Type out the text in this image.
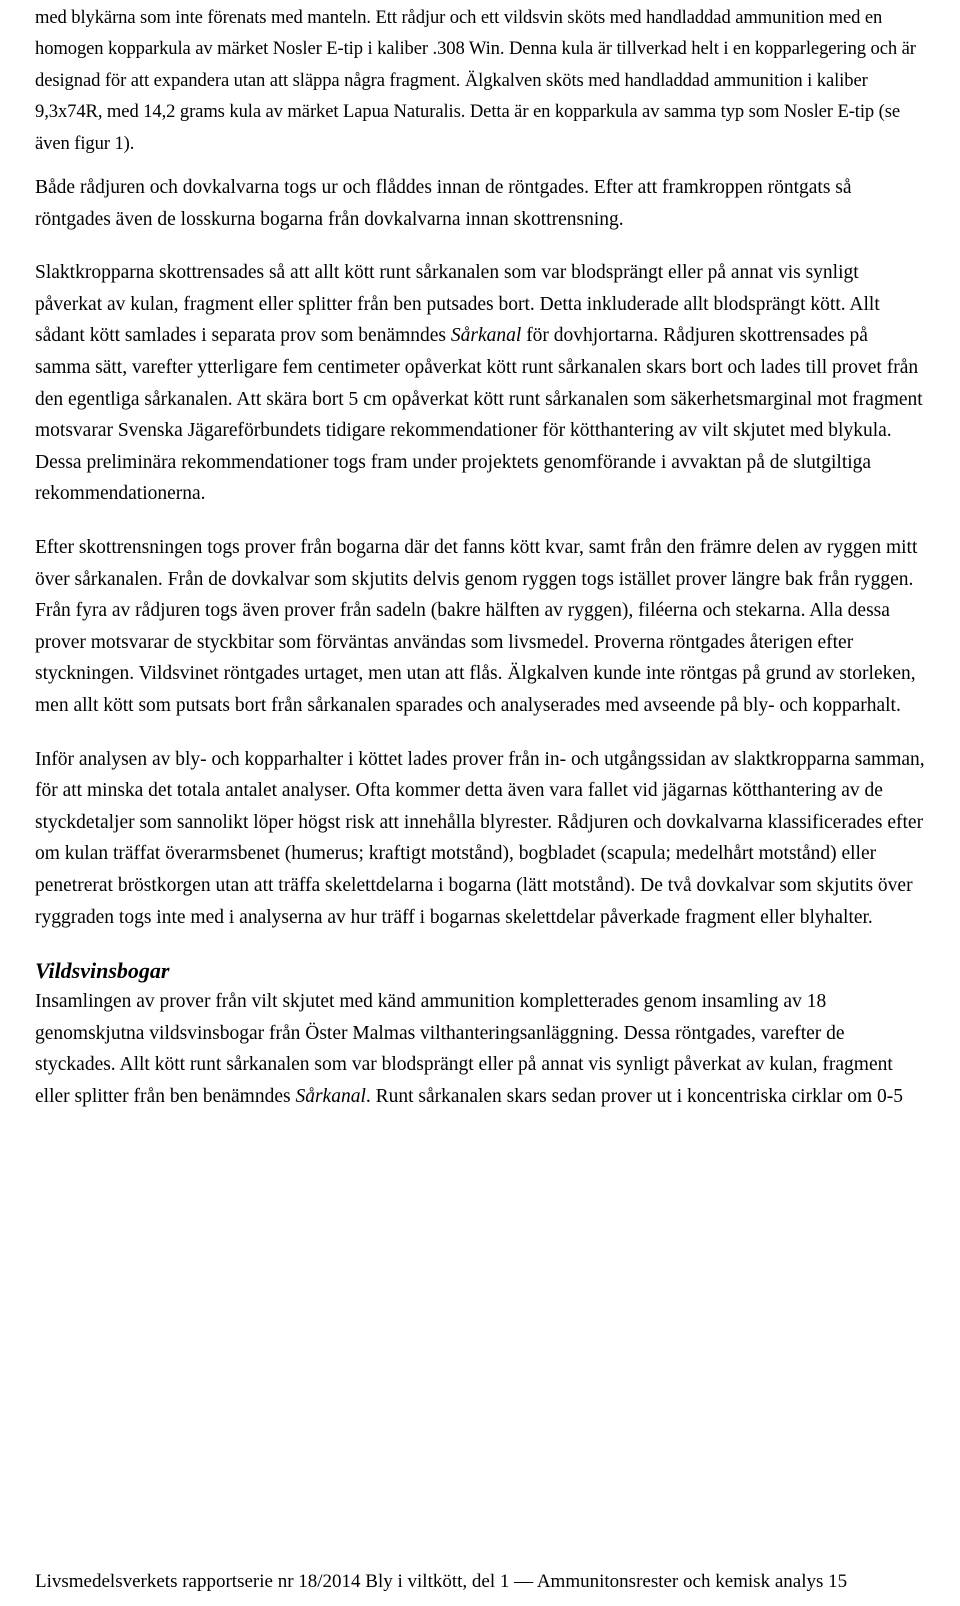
med blykärna som inte förenats med manteln. Ett rådjur och ett vildsvin sköts med handladdad ammunition med en homogen kopparkula av märket Nosler E-tip i kaliber .308 Win. Denna kula är tillverkad helt i en kopparlegering och är designad för att expandera utan att släppa några fragment. Älgkalven sköts med handladdad ammunition i kaliber 9,3x74R, med 14,2 grams kula av märket Lapua Naturalis. Detta är en kopparkula av samma typ som Nosler E-tip (se även figur 1).

Både rådjuren och dovkalvarna togs ur och flåddes innan de röntgades. Efter att framkroppen röntgats så röntgades även de losskurna bogarna från dovkalvarna innan skottrensning.

Slaktkropparna skottrensades så att allt kött runt sårkanalen som var blodsprängt eller på annat vis synligt påverkat av kulan, fragment eller splitter från ben putsades bort. Detta inkluderade allt blodsprängt kött. Allt sådant kött samlades i separata prov som benämndes Sårkanal för dovhjortarna. Rådjuren skottrensades på samma sätt, varefter ytterligare fem centimeter opåverkat kött runt sårkanalen skars bort och lades till provet från den egentliga sårkanalen. Att skära bort 5 cm opåverkat kött runt sårkanalen som säkerhetsmarginal mot fragment motsvarar Svenska Jägareförbundets tidigare rekommendationer för kötthantering av vilt skjutet med blykula. Dessa preliminära rekommendationer togs fram under projektets genomförande i avvaktan på de slutgiltiga rekommendationerna.

Efter skottrensningen togs prover från bogarna där det fanns kött kvar, samt från den främre delen av ryggen mitt över sårkanalen. Från de dovkalvar som skjutits delvis genom ryggen togs istället prover längre bak från ryggen. Från fyra av rådjuren togs även prover från sadeln (bakre hälften av ryggen), filéerna och stekarna. Alla dessa prover motsvarar de styckbitar som förväntas användas som livsmedel. Proverna röntgades återigen efter styckningen. Vildsvinet röntgades urtaget, men utan att flås. Älgkalven kunde inte röntgas på grund av storleken, men allt kött som putsats bort från sårkanalen sparades och analyserades med avseende på bly- och kopparhalt.

Inför analysen av bly- och kopparhalter i köttet lades prover från in- och utgångssidan av slaktkropparna samman, för att minska det totala antalet analyser. Ofta kommer detta även vara fallet vid jägarnas kötthantering av de styckdetaljer som sannolikt löper högst risk att innehålla blyrester. Rådjuren och dovkalvarna klassificerades efter om kulan träffat överarmsbenet (humerus; kraftigt motstånd), bogbladet (scapula; medelhårt motstånd) eller penetrerat bröstkorgen utan att träffa skelettdelarna i bogarna (lätt motstånd). De två dovkalvar som skjutits över ryggraden togs inte med i analyserna av hur träff i bogarnas skelettdelar påverkade fragment eller blyhalter.

Vildsvinsbogar

Insamlingen av prover från vilt skjutet med känd ammunition kompletterades genom insamling av 18 genomskjutna vildsvinsbogar från Öster Malmas vilthanteringsanläggning. Dessa röntgades, varefter de styckades. Allt kött runt sårkanalen som var blodsprängt eller på annat vis synligt påverkat av kulan, fragment eller splitter från ben benämndes Sårkanal. Runt sårkanalen skars sedan prover ut i koncentriska cirklar om 0-5

Livsmedelsverkets rapportserie nr 18/2014 Bly i viltkött, del 1 — Ammunitonsrester och kemisk analys 15
